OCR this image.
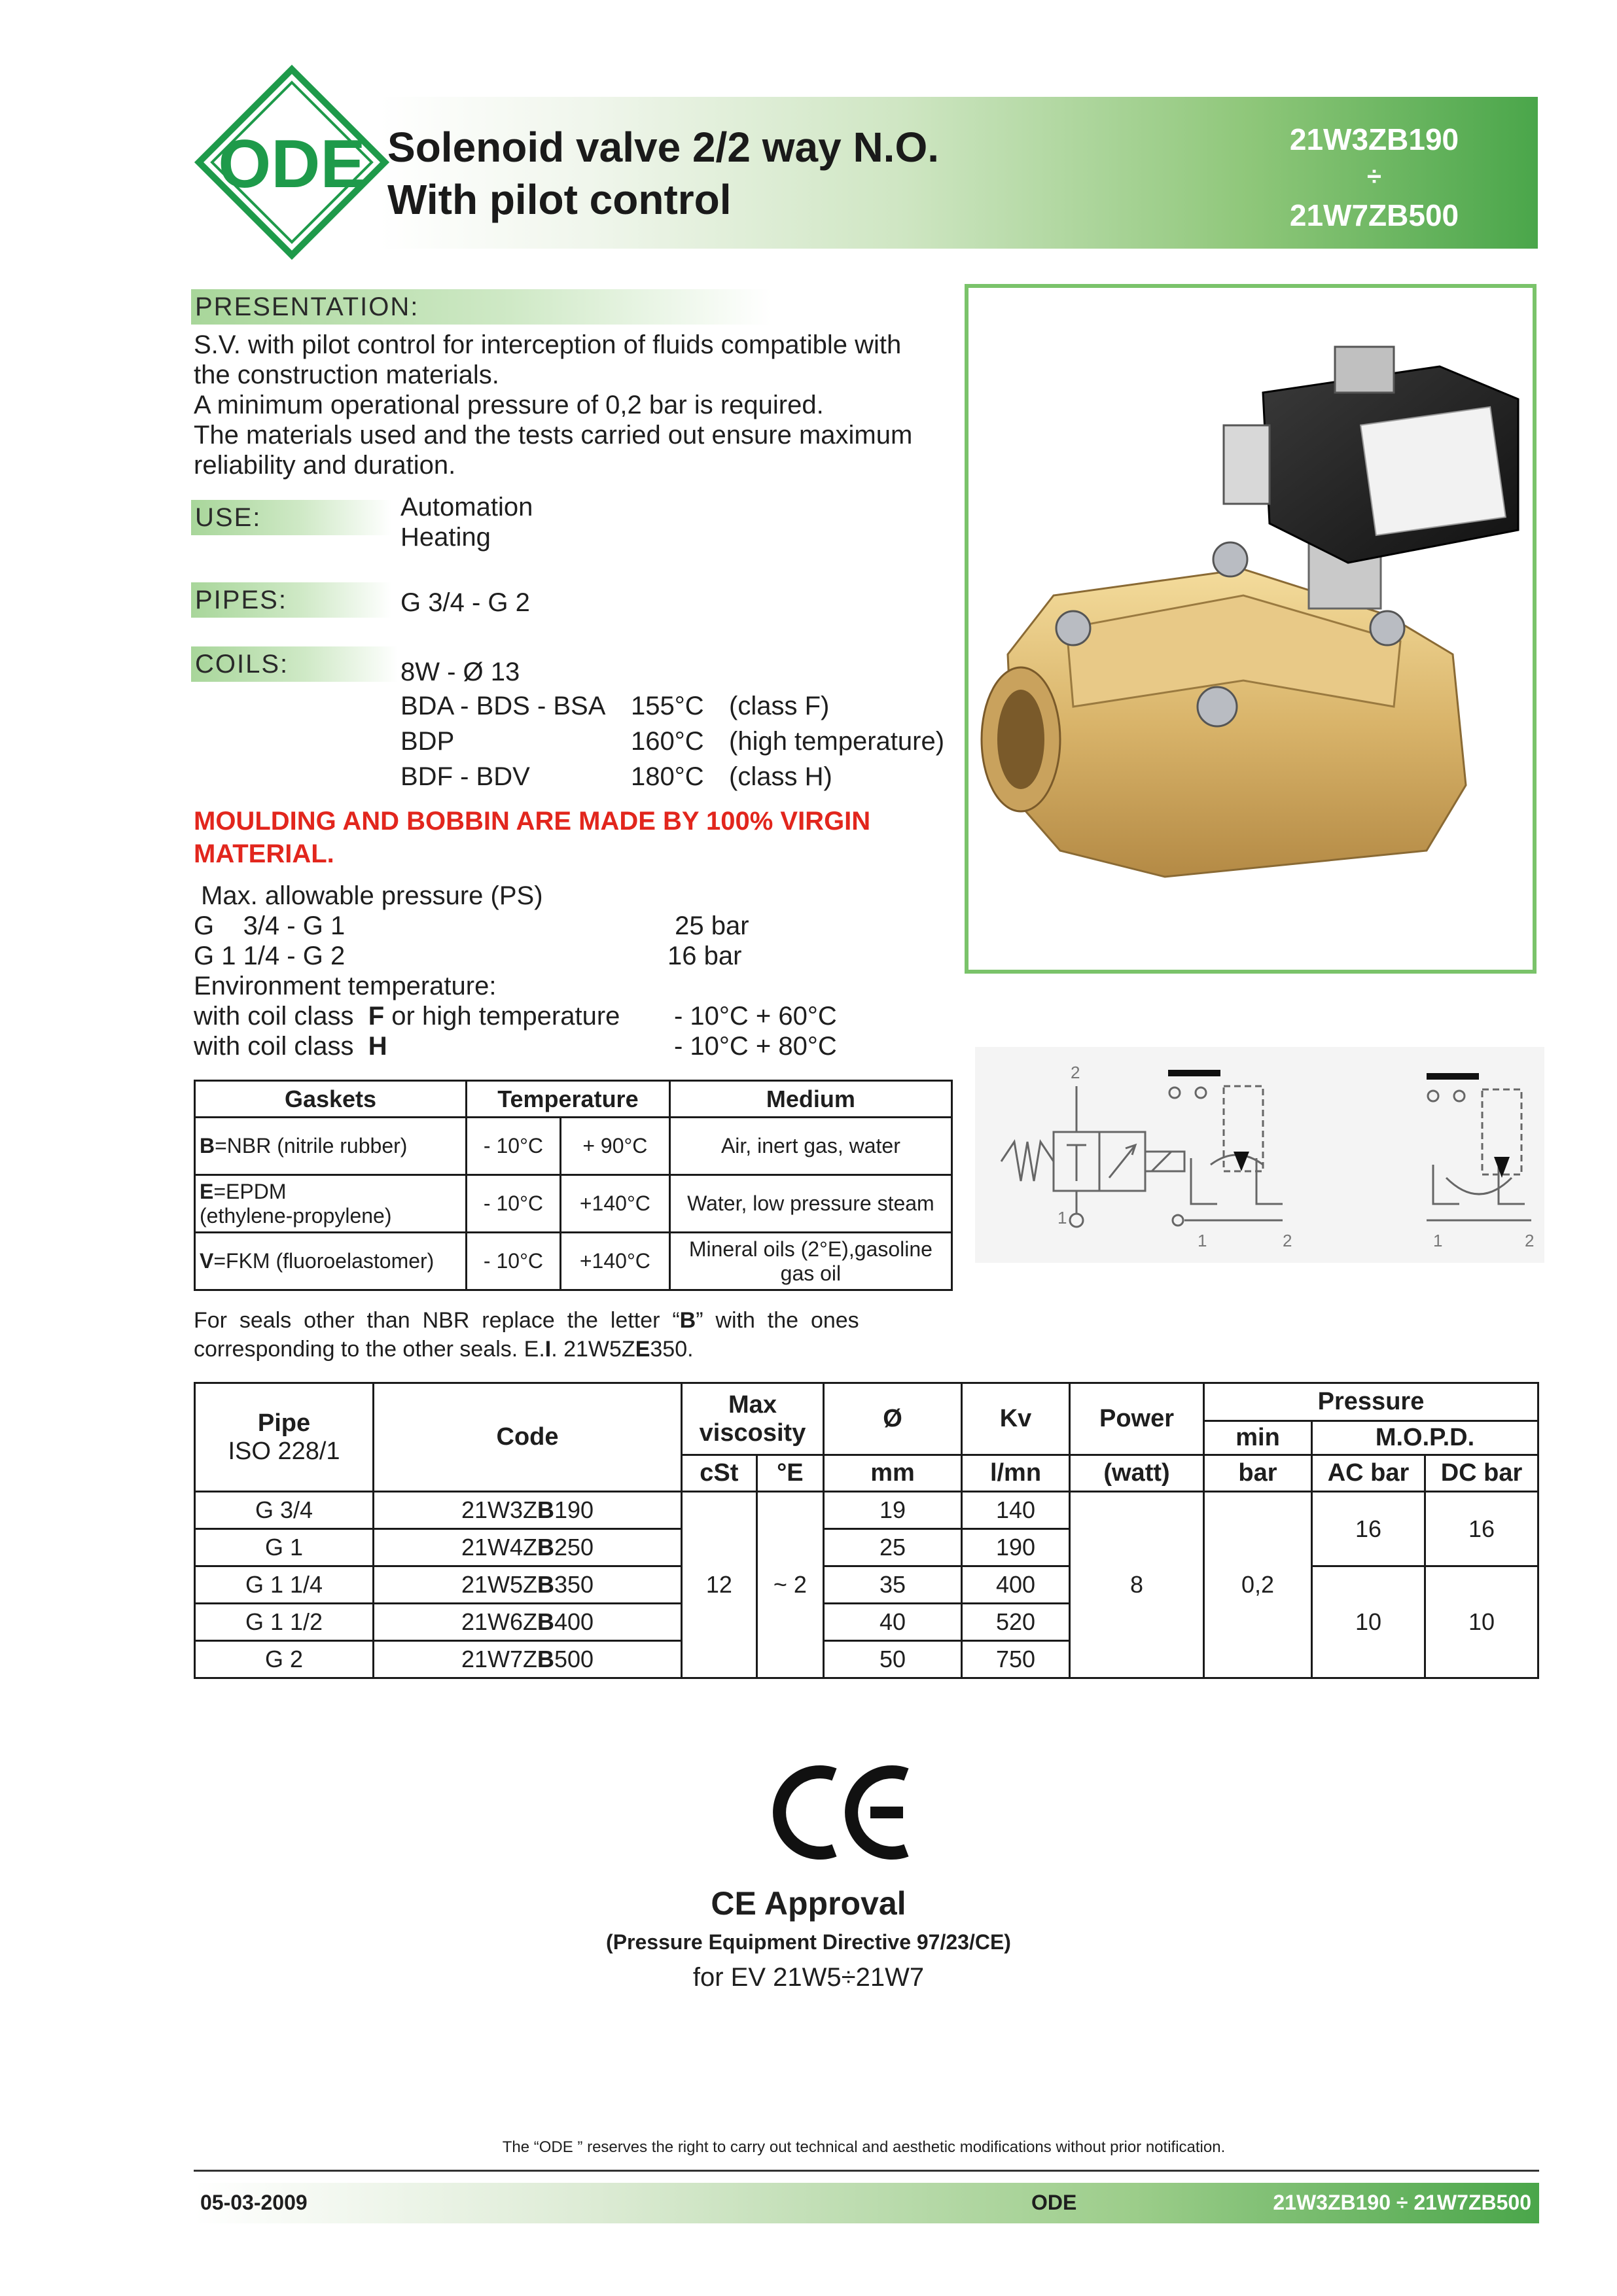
ODE Solenoid valve 2/2 way N.O.
With pilot control
21W3ZB190
÷
21W7ZB500
PRESENTATION:
S.V. with pilot control for interception of fluids compatible with
the construction materials.
A minimum operational pressure of 0,2 bar is required.
The materials used and the tests carried out ensure maximum
reliability and duration.
USE:	Automation
Heating
PIPES:	G 3/4 - G 2
COILS:	8W - Ø 13
BDA - BDS - BSA 155°C (class F)
BDP	160°C (high temperature)
BDF - BDV	180°C (class H)
MOULDING AND BOBBIN ARE MADE BY 100% VIRGIN
MATERIAL.
Max. allowable pressure (PS)
G    3/4 - G 1	25 bar
G 1 1/4 - G 2	16 bar
Environment temperature:
with coil class  F or high temperature - 10°C + 60°C
with coil class  H	- 10°C + 80°C
Gaskets	Temperature		Medium
B=NBR (nitrile rubber)	- 10°C	+ 90°C	Air, inert gas, water
E=EPDM
(ethylene-propylene)	- 10°C	+140°C	Water, low pressure steam
V=FKM (fluoroelastomer)	- 10°C	+140°C	Mineral oils (2°E),gasoline
gas oil
For  seals  other  than  NBR  replace  the  letter  “B”  with  the  ones
corresponding to the other seals. E.I. 21W5ZE350.
2
1
1	2	1	2
Pipe
ISO 228/1	Code	Max viscosity		Ø	Kv	Power	Pressure		
							min	M.O.P.D.	
		cSt	°E	mm	l/mn	(watt)	bar	AC bar	DC bar
G 3/4	21W3ZB190	12	~ 2	19	140	8	0,2	16	16
G 1	21W4ZB250			25	190				
G 1 1/4	21W5ZB350			35	400			10	10
G 1 1/2	21W6ZB400			40	520				
G 2	21W7ZB500			50	750				
CE Approval
(Pressure Equipment Directive 97/23/CE)
for EV 21W5÷21W7
The “ODE ” reserves the right to carry out technical and aesthetic modifications without prior notification.
05-03-2009	ODE	21W3ZB190 ÷ 21W7ZB500
